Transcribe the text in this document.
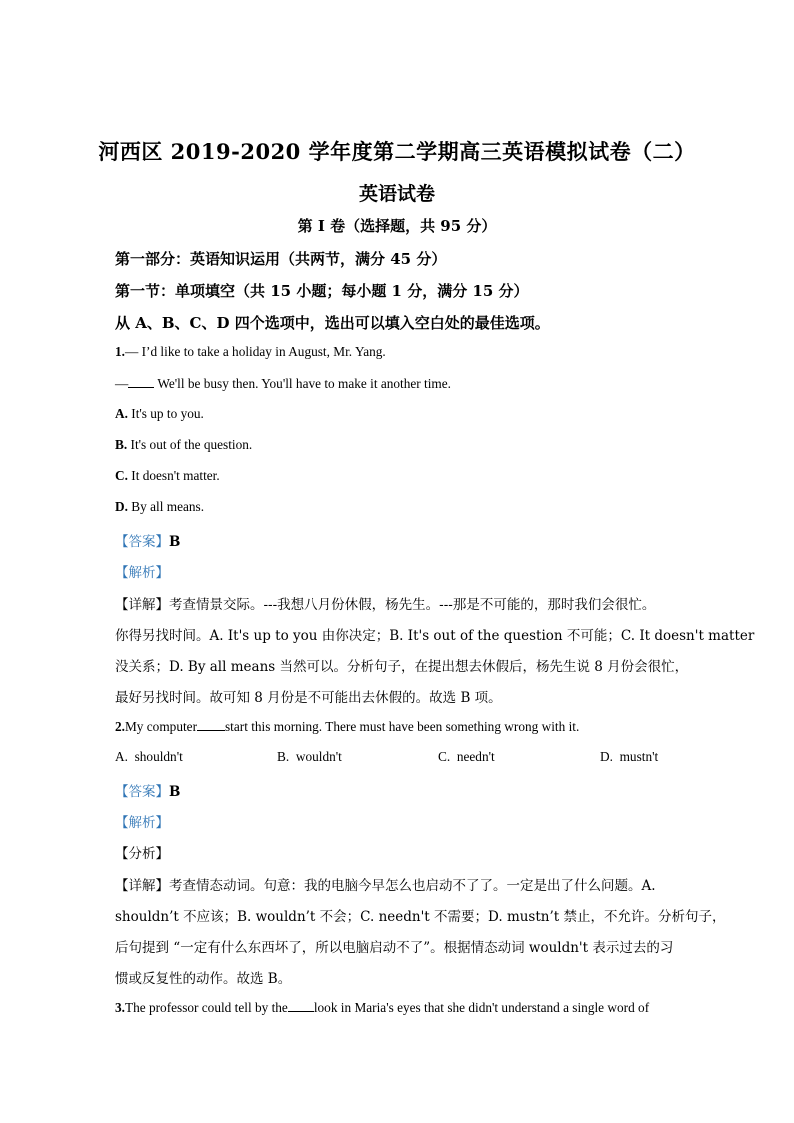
河西区 2019-2020 学年度第二学期高三英语模拟试卷（二）
英语试卷
第 I 卷（选择题，共 95 分）
第一部分：英语知识运用（共两节，满分 45 分）
第一节：单项填空（共 15 小题；每小题 1 分，满分 15 分）
从 A、B、C、D 四个选项中，选出可以填入空白处的最佳选项。
1.— I’d like to take a holiday in August, Mr. Yang.
— We'll be busy then. You'll have to make it another time.
A. It's up to you.
B. It's out of the question.
C. It doesn't matter.
D. By all means.
【答案】B
【解析】
【详解】考查情景交际。---我想八月份休假，杨先生。---那是不可能的，那时我们会很忙。
你得另找时间。A. It's up to you 由你决定；B. It's out of the question 不可能；C. It doesn't matter
没关系；D. By all means 当然可以。分析句子，在提出想去休假后，杨先生说 8 月份会很忙，
最好另找时间。故可知 8 月份是不可能出去休假的。故选 B 项。
2.My computer start this morning. There must have been something wrong with it.
A. shouldn't	B. wouldn't	C. needn't	D. mustn't
【答案】B
【解析】
【分析】
【详解】考查情态动词。句意：我的电脑今早怎么也启动不了了。一定是出了什么问题。A.
shouldn’t 不应该；B. wouldn’t 不会；C. needn't 不需要；D. mustn’t 禁止，不允许。分析句子，
后句提到 “一定有什么东西坏了，所以电脑启动不了”。根据情态动词 wouldn't 表示过去的习
惯或反复性的动作。故选 B。
3.The professor could tell by the look in Maria's eyes that she didn't understand a single word of
